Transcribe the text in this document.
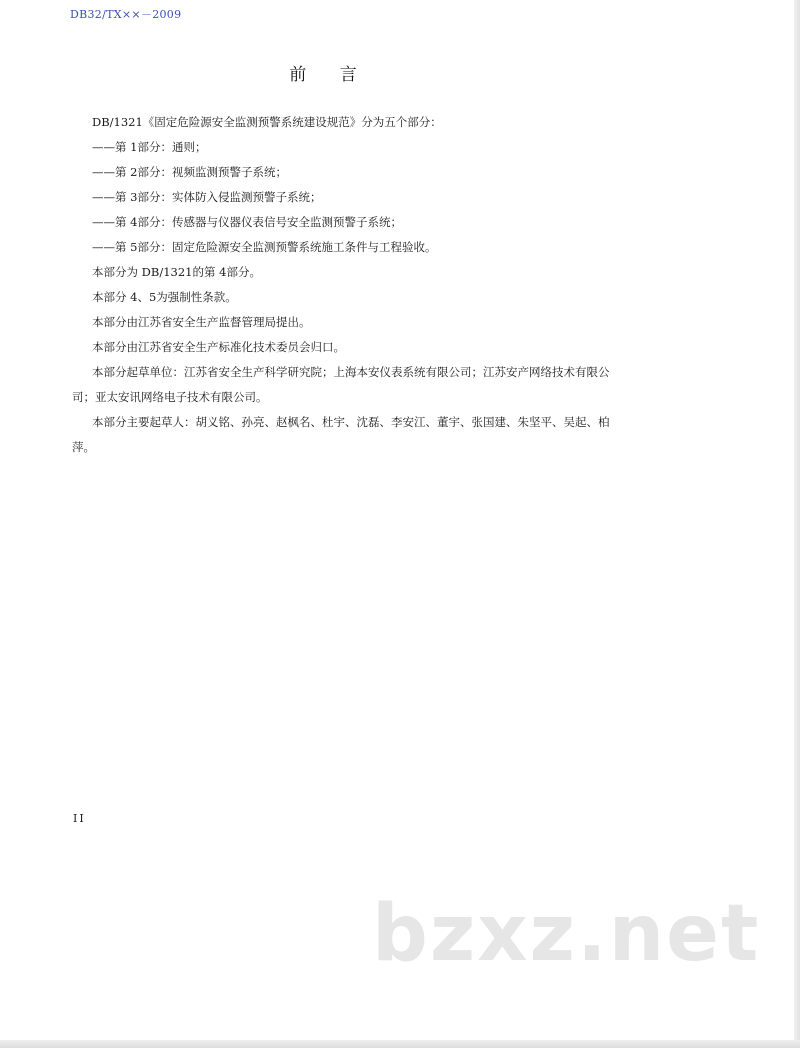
DB32/TX××－2009
前 言

DB/1321《固定危险源安全监测预警系统建设规范》分为五个部分：

——第 1部分：通则；

——第 2部分：视频监测预警子系统；

——第 3部分：实体防入侵监测预警子系统；

——第 4部分：传感器与仪器仪表信号安全监测预警子系统；

——第 5部分：固定危险源安全监测预警系统施工条件与工程验收。

本部分为 DB/1321的第 4部分。

本部分 4、5为强制性条款。

本部分由江苏省安全生产监督管理局提出。

本部分由江苏省安全生产标准化技术委员会归口。

本部分起草单位：江苏省安全生产科学研究院；上海本安仪表系统有限公司；江苏安产网络技术有限公司；亚太安讯网络电子技术有限公司。

本部分主要起草人：胡义铭、孙亮、赵枫名、杜宇、沈磊、李安江、董宇、张国建、朱坚平、吴起、柏萍。

II
bzxz.net
